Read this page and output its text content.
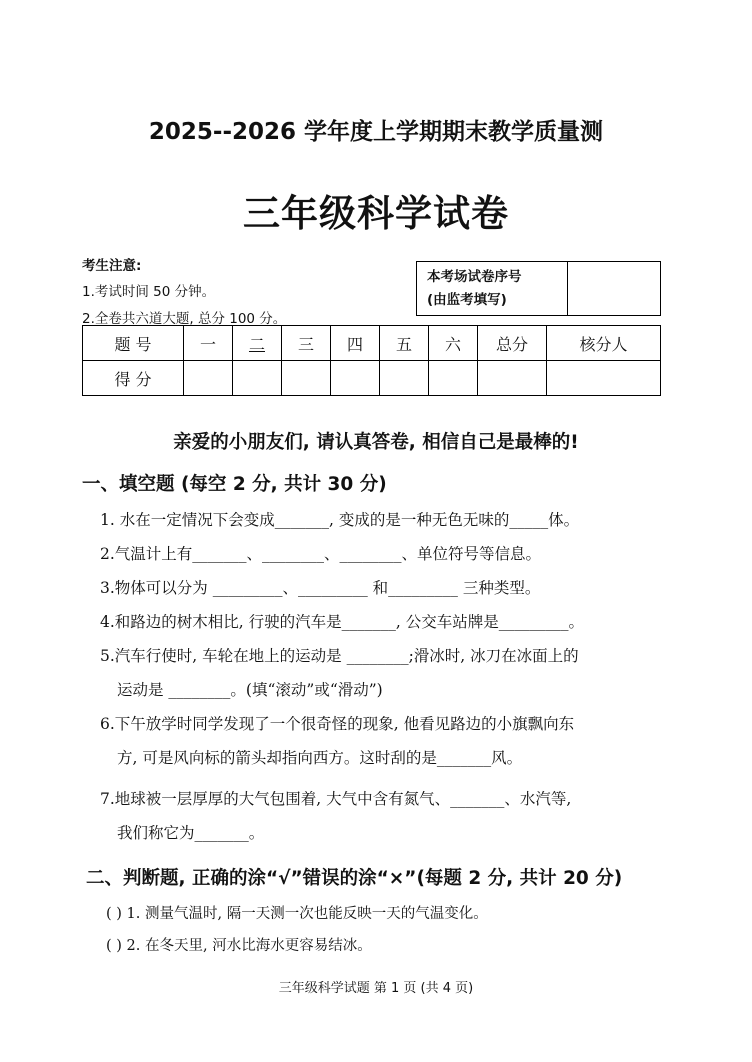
2025--2026 学年度上学期期末教学质量测
三年级科学试卷
考生注意:
1.考试时间 50 分钟。
2.全卷共六道大题, 总分 100 分。
本考场试卷序号
(由监考填写)
题 号	一	二	三	四	五	六	总分	核分人
得 分								
亲爱的小朋友们, 请认真答卷, 相信自己是最棒的!
一、填空题 (每空 2 分, 共计 30 分)
1. 水在一定情况下会变成_______, 变成的是一种无色无味的_____体。
2.气温计上有_______、________、________、单位符号等信息。
3.物体可以分为 _________、_________ 和_________ 三种类型。
4.和路边的树木相比, 行驶的汽车是_______, 公交车站牌是_________。
5.汽车行使时, 车轮在地上的运动是 ________;滑冰时, 冰刀在冰面上的
运动是 ________。(填“滚动”或“滑动”)
6.下午放学时同学发现了一个很奇怪的现象, 他看见路边的小旗飘向东
方, 可是风向标的箭头却指向西方。这时刮的是_______风。
7.地球被一层厚厚的大气包围着, 大气中含有氮气、_______、水汽等,
我们称它为_______。
二、判断题, 正确的涂“√”错误的涂“×”(每题 2 分, 共计 20 分)
( ) 1. 测量气温时, 隔一天测一次也能反映一天的气温变化。
( ) 2. 在冬天里, 河水比海水更容易结冰。
三年级科学试题 第 1 页 (共 4 页)
